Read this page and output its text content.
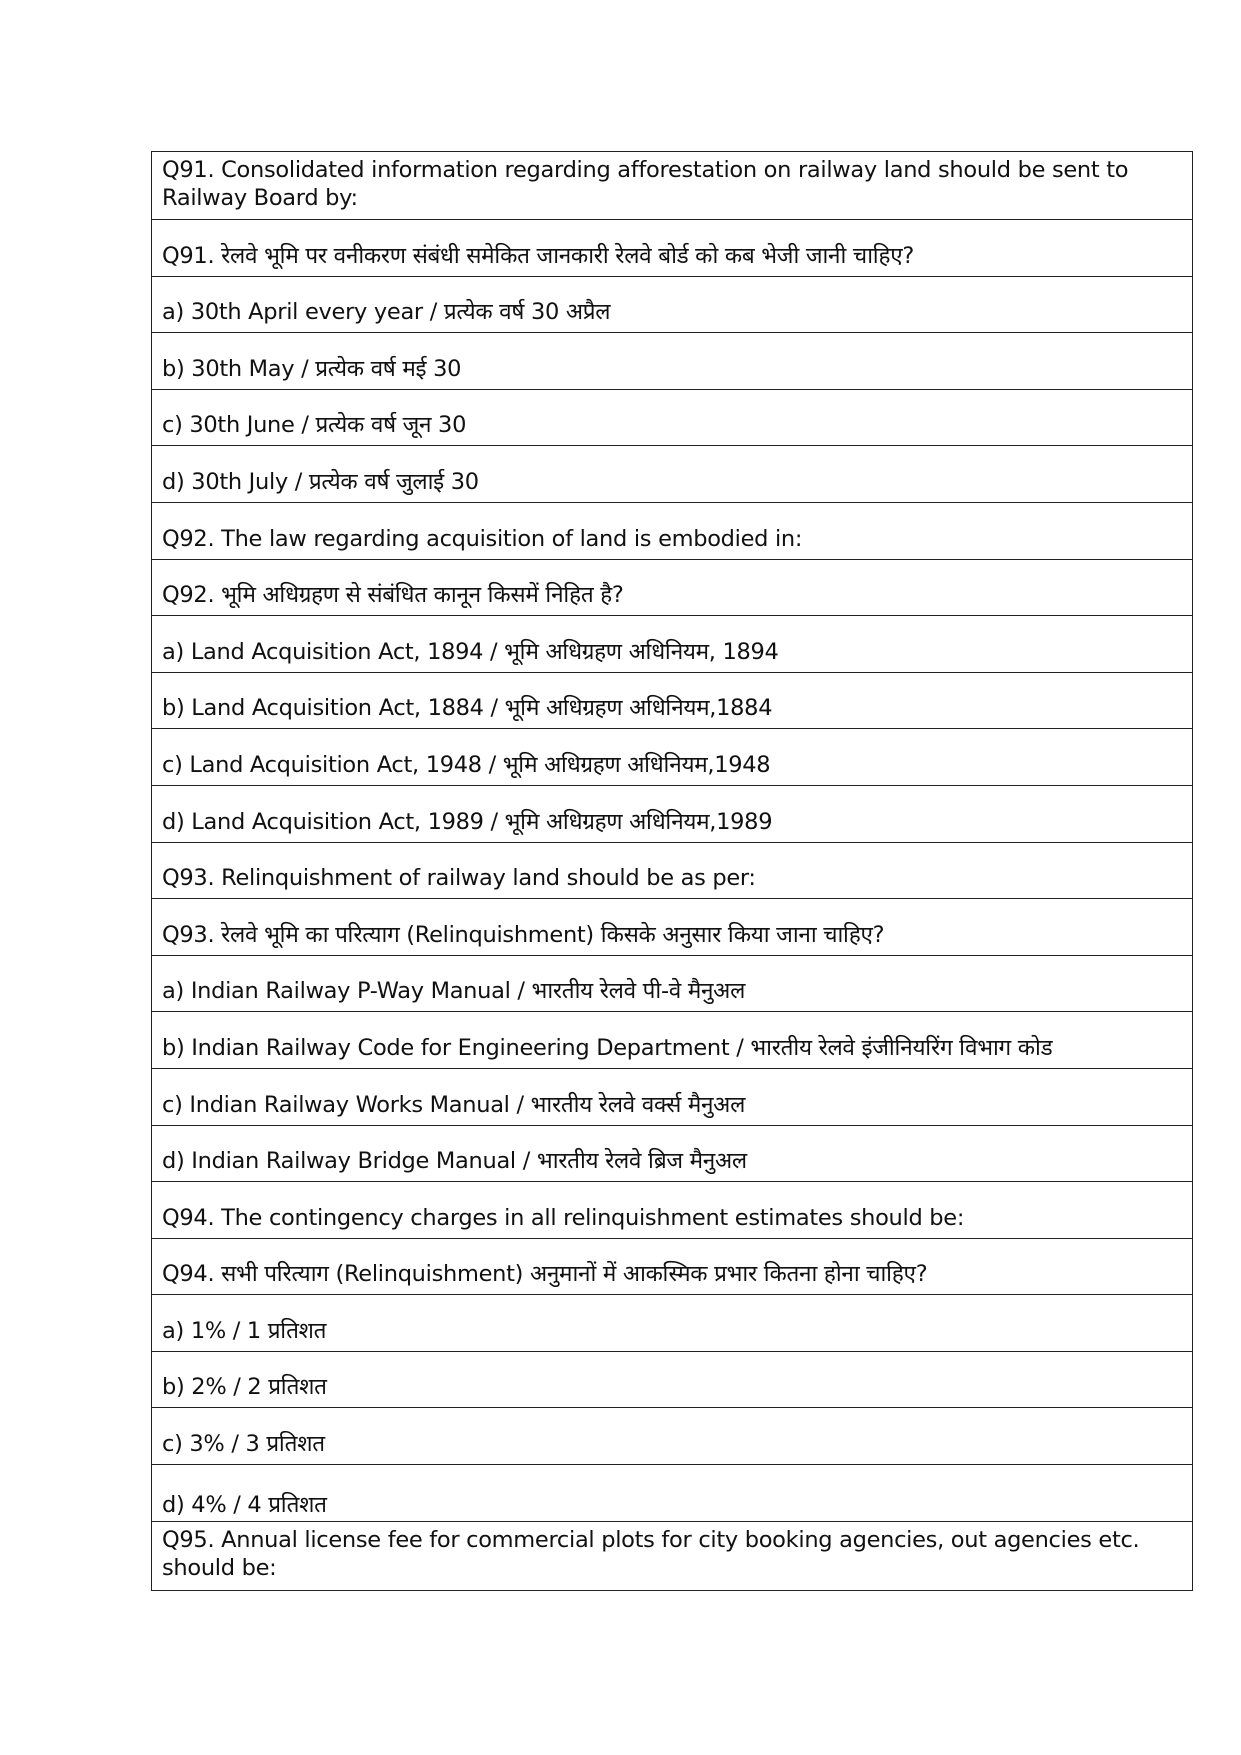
Q91. Consolidated information regarding afforestation on railway land should be sent to Railway Board by:
Q91. रेलवे भूमि पर वनीकरण संबंधी समेकित जानकारी रेलवे बोर्ड को कब भेजी जानी चाहिए?
a) 30th April every year / प्रत्येक वर्ष 30 अप्रैल
b) 30th May / प्रत्येक वर्ष मई 30
c) 30th June / प्रत्येक वर्ष जून 30
d) 30th July / प्रत्येक वर्ष जुलाई 30
Q92. The law regarding acquisition of land is embodied in:
Q92. भूमि अधिग्रहण से संबंधित कानून किसमें निहित है?
a) Land Acquisition Act, 1894 / भूमि अधिग्रहण अधिनियम, 1894
b) Land Acquisition Act, 1884 / भूमि अधिग्रहण अधिनियम,1884
c) Land Acquisition Act, 1948 / भूमि अधिग्रहण अधिनियम,1948
d) Land Acquisition Act, 1989 / भूमि अधिग्रहण अधिनियम,1989
Q93. Relinquishment of railway land should be as per:
Q93. रेलवे भूमि का परित्याग (Relinquishment) किसके अनुसार किया जाना चाहिए?
a) Indian Railway P-Way Manual / भारतीय रेलवे पी-वे मैनुअल
b) Indian Railway Code for Engineering Department / भारतीय रेलवे इंजीनियरिंग विभाग कोड
c) Indian Railway Works Manual / भारतीय रेलवे वर्क्स मैनुअल
d) Indian Railway Bridge Manual / भारतीय रेलवे ब्रिज मैनुअल
Q94. The contingency charges in all relinquishment estimates should be:
Q94. सभी परित्याग (Relinquishment) अनुमानों में आकस्मिक प्रभार कितना होना चाहिए?
a) 1% / 1 प्रतिशत
b) 2% / 2 प्रतिशत
c) 3% / 3 प्रतिशत
d) 4% / 4 प्रतिशत
Q95. Annual license fee for commercial plots for city booking agencies, out agencies etc. should be:
